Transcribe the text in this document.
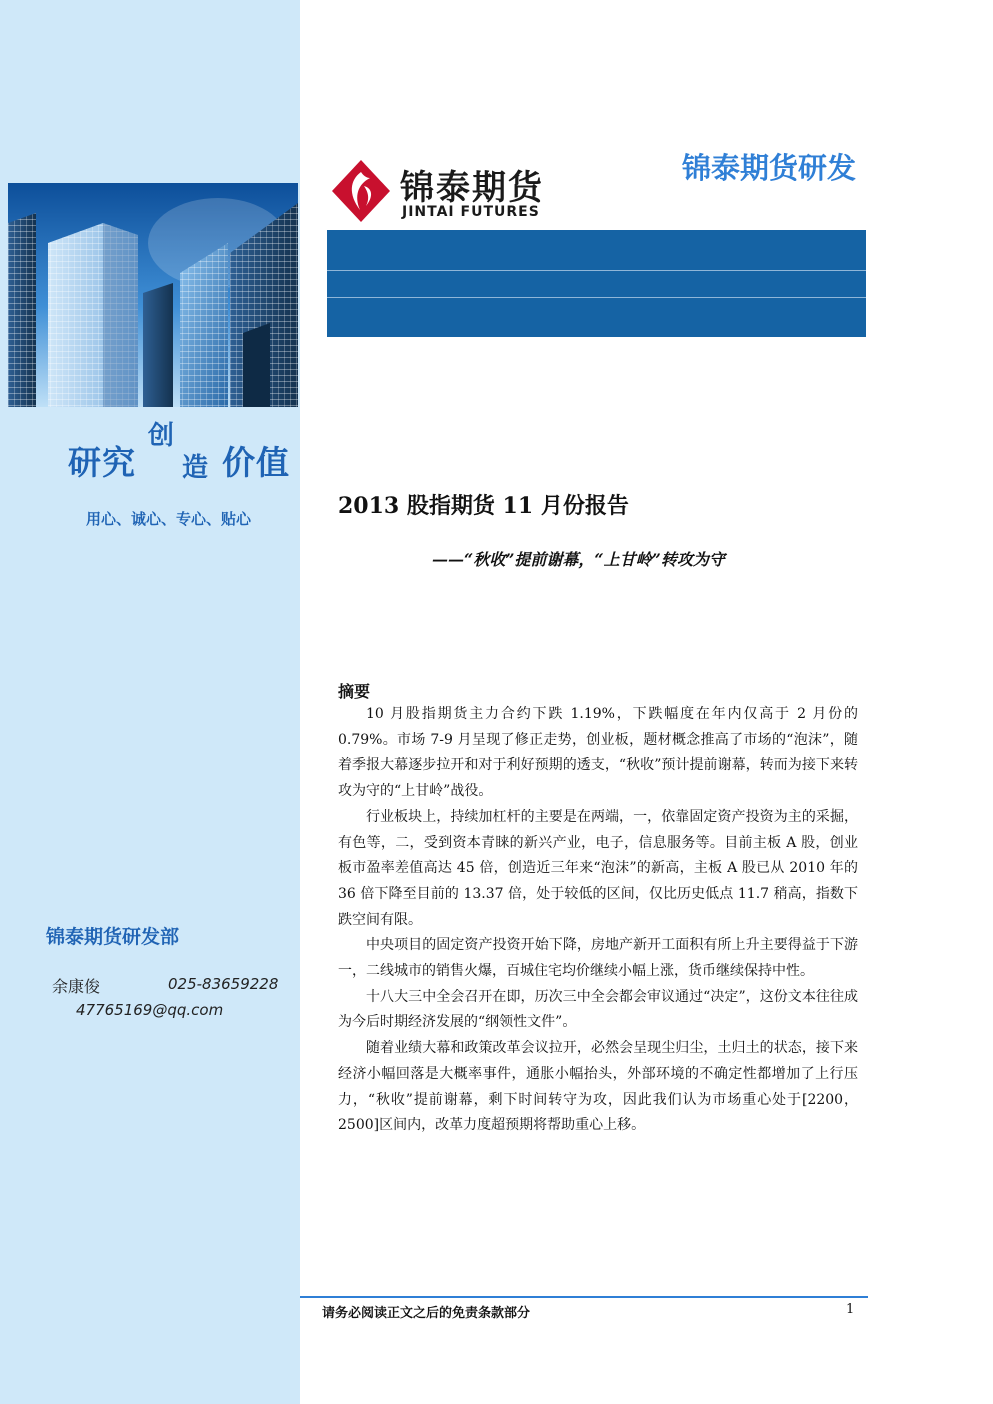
研究
创
造 价值
用心、诚心、专心、贴心
锦泰期货研发部
余康俊	025-83659228
47765169@qq.com
锦泰期货
JINTAI FUTURES
锦泰期货研发
2013 股指期货 11 月份报告
——“秋收”提前谢幕，“上甘岭”转攻为守
摘要

10 月股指期货主力合约下跌 1.19%，下跌幅度在年内仅高于 2 月份的 0.79%。市场 7-9 月呈现了修正走势，创业板，题材概念推高了市场的“泡沫”，随着季报大幕逐步拉开和对于利好预期的透支，“秋收”预计提前谢幕，转而为接下来转攻为守的“上甘岭”战役。

行业板块上，持续加杠杆的主要是在两端，一，依靠固定资产投资为主的采掘，有色等，二，受到资本青睐的新兴产业，电子，信息服务等。目前主板 A 股，创业板市盈率差值高达 45 倍，创造近三年来“泡沫”的新高，主板 A 股已从 2010 年的 36 倍下降至目前的 13.37 倍，处于较低的区间，仅比历史低点 11.7 稍高，指数下跌空间有限。

中央项目的固定资产投资开始下降，房地产新开工面积有所上升主要得益于下游一，二线城市的销售火爆，百城住宅均价继续小幅上涨，货币继续保持中性。

十八大三中全会召开在即，历次三中全会都会审议通过“决定”，这份文本往往成为今后时期经济发展的“纲领性文件”。

随着业绩大幕和政策改革会议拉开，必然会呈现尘归尘，土归土的状态，接下来经济小幅回落是大概率事件，通胀小幅抬头，外部环境的不确定性都增加了上行压力，“秋收”提前谢幕，剩下时间转守为攻，因此我们认为市场重心处于[2200，2500]区间内，改革力度超预期将帮助重心上移。

请务必阅读正文之后的免责条款部分	1
